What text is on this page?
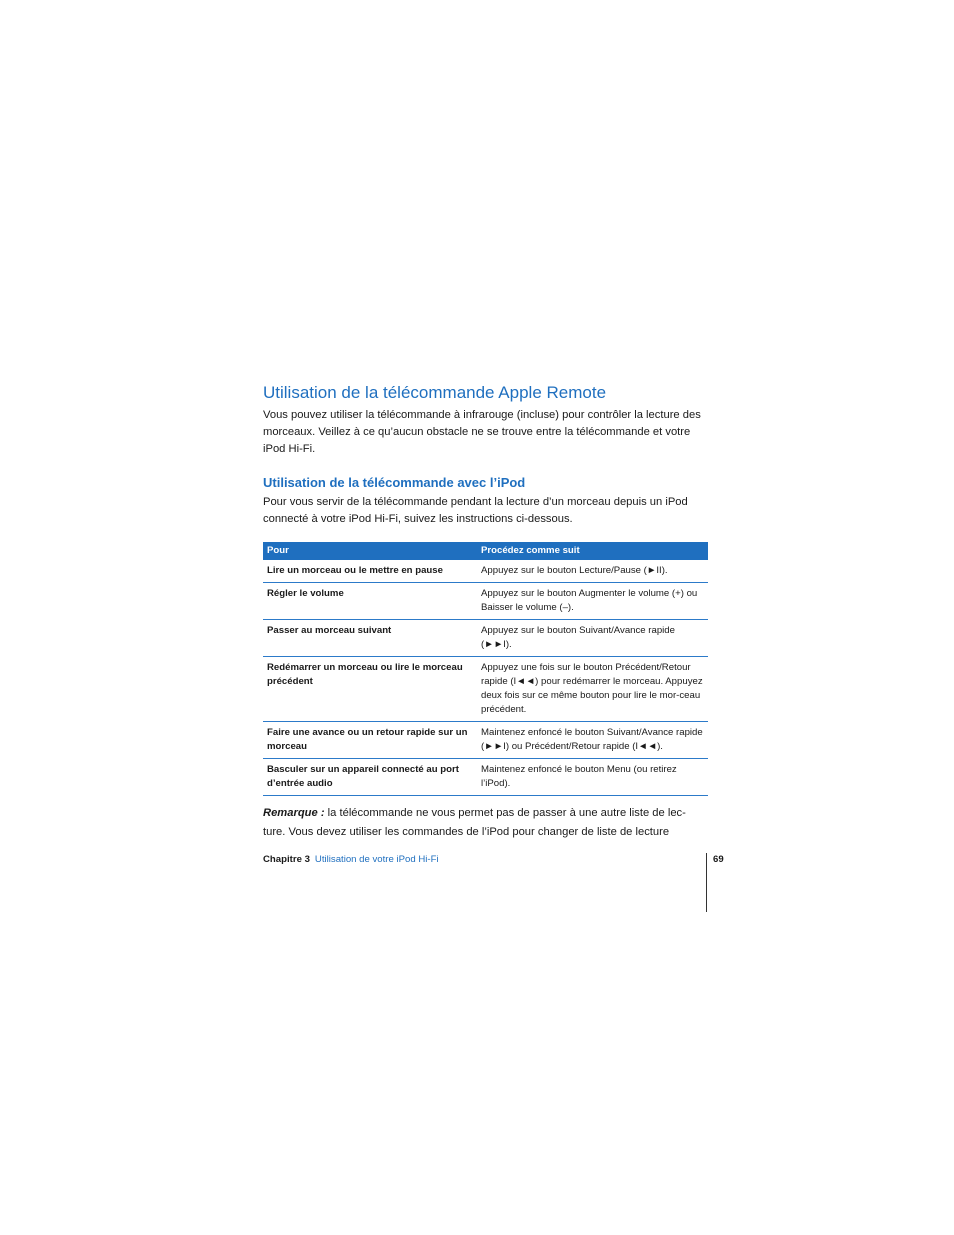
Utilisation de la télécommande Apple Remote

Vous pouvez utiliser la télécommande à infrarouge (incluse) pour contrôler la lecture des morceaux. Veillez à ce qu’aucun obstacle ne se trouve entre la télécommande et votre iPod Hi-Fi.

Utilisation de la télécommande avec l’iPod

Pour vous servir de la télécommande pendant la lecture d’un morceau depuis un iPod connecté à votre iPod Hi-Fi, suivez les instructions ci-dessous.

Pour	Procédez comme suit
Lire un morceau ou le mettre en pause	Appuyez sur le bouton Lecture/Pause (►II).
Régler le volume	Appuyez sur le bouton Augmenter le volume (+) ou Baisser le volume (–).
Passer au morceau suivant	Appuyez sur le bouton Suivant/Avance rapide (►►I).
Redémarrer un morceau ou lire le morceau précédent	Appuyez une fois sur le bouton Précédent/Retour rapide (I◄◄) pour redémarrer le morceau. Appuyez deux fois sur ce même bouton pour lire le mor-ceau précédent.
Faire une avance ou un retour rapide sur un morceau	Maintenez enfoncé le bouton Suivant/Avance rapide (►►I) ou Précédent/Retour rapide (I◄◄).
Basculer sur un appareil connecté au port d’entrée audio	Maintenez enfoncé le bouton Menu (ou retirez l’iPod).

Remarque : la télécommande ne vous permet pas de passer à une autre liste de lec-ture. Vous devez utiliser les commandes de l’iPod pour changer de liste de lecture

Chapitre 3 Utilisation de votre iPod Hi-Fi	69
